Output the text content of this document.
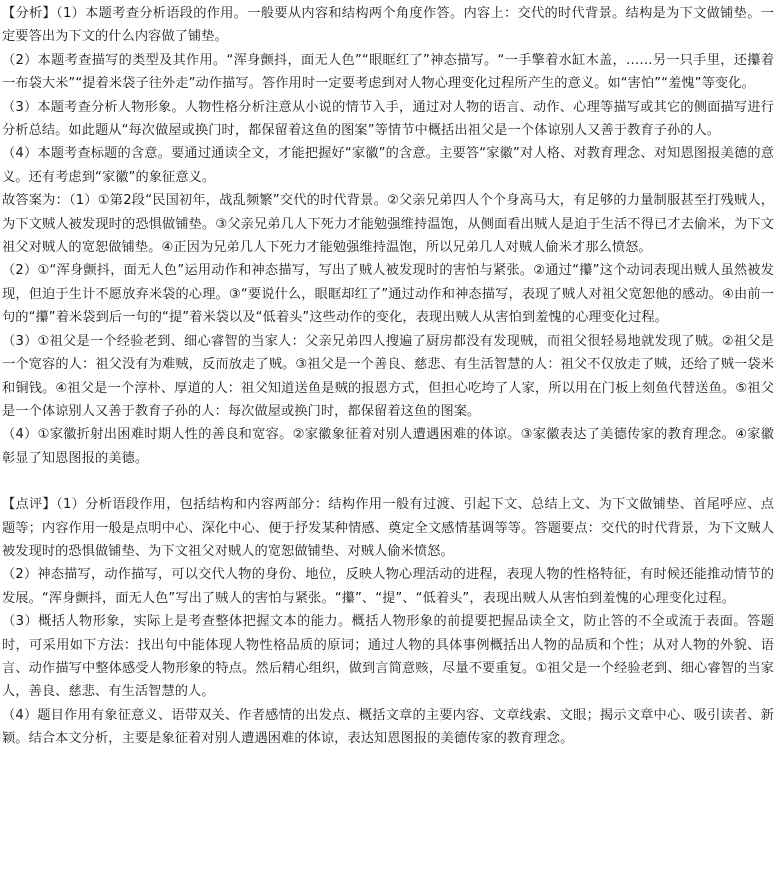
【分析】（1）本题考查分析语段的作用。一般要从内容和结构两个角度作答。内容上：交代的时代背景。结构是为下文做铺垫。一定要答出为下文的什么内容做了铺垫。

（2）本题考查描写的类型及其作用。“浑身颤抖，面无人色”“眼眶红了”神态描写。“一手擎着水缸木盖，……另一只手里，还攥着一布袋大米”“提着米袋子往外走”动作描写。答作用时一定要考虑到对人物心理变化过程所产生的意义。如“害怕”“羞愧”等变化。

（3）本题考查分析人物形象。人物性格分析注意从小说的情节入手，通过对人物的语言、动作、心理等描写或其它的侧面描写进行分析总结。如此题从“每次做屋或换门时，都保留着这鱼的图案”等情节中概括出祖父是一个体谅别人又善于教育子孙的人。

（4）本题考查标题的含意。要通过通读全文，才能把握好“家徽”的含意。主要答“家徽”对人格、对教育理念、对知恩图报美德的意义。还有考虑到“家徽”的象征意义。

故答案为：（1）①第2段“民国初年，战乱频繁”交代的时代背景。②父亲兄弟四人个个身高马大，有足够的力量制服甚至打残贼人，为下文贼人被发现时的恐惧做铺垫。③父亲兄弟几人下死力才能勉强维持温饱，从侧面看出贼人是迫于生活不得已才去偷米，为下文祖父对贼人的宽恕做铺垫。④正因为兄弟几人下死力才能勉强维持温饱，所以兄弟几人对贼人偷米才那么愤怒。

（2）①“浑身颤抖，面无人色”运用动作和神态描写，写出了贼人被发现时的害怕与紧张。②通过“攥”这个动词表现出贼人虽然被发现，但迫于生计不愿放弃米袋的心理。③“要说什么，眼眶却红了”通过动作和神态描写，表现了贼人对祖父宽恕他的感动。④由前一句的“攥”着米袋到后一句的“提”着米袋以及“低着头”这些动作的变化，表现出贼人从害怕到羞愧的心理变化过程。

（3）①祖父是一个经验老到、细心睿智的当家人：父亲兄弟四人搜遍了厨房都没有发现贼，而祖父很轻易地就发现了贼。②祖父是一个宽容的人：祖父没有为难贼，反而放走了贼。③祖父是一个善良、慈悲、有生活智慧的人：祖父不仅放走了贼，还给了贼一袋米和铜钱。④祖父是一个淳朴、厚道的人：祖父知道送鱼是贼的报恩方式，但担心吃垮了人家，所以用在门板上刻鱼代替送鱼。⑤祖父是一个体谅别人又善于教育子孙的人：每次做屋或换门时，都保留着这鱼的图案。

（4）①家徽折射出困难时期人性的善良和宽容。②家徽象征着对别人遭遇困难的体谅。③家徽表达了美德传家的教育理念。④家徽彰显了知恩图报的美德。

【点评】（1）分析语段作用，包括结构和内容两部分：结构作用一般有过渡、引起下文、总结上文、为下文做铺垫、首尾呼应、点题等；内容作用一般是点明中心、深化中心、便于抒发某种情感、奠定全文感情基调等等。答题要点：交代的时代背景，为下文贼人被发现时的恐惧做铺垫、为下文祖父对贼人的宽恕做铺垫、对贼人偷米愤怒。

（2）神态描写，动作描写，可以交代人物的身份、地位，反映人物心理活动的进程，表现人物的性格特征，有时候还能推动情节的发展。“浑身颤抖，面无人色”写出了贼人的害怕与紧张。“攥”、“提”、“低着头”，表现出贼人从害怕到羞愧的心理变化过程。

（3）概括人物形象，实际上是考查整体把握文本的能力。概括人物形象的前提要把握品读全文，防止答的不全或流于表面。答题时，可采用如下方法：找出句中能体现人物性格品质的原词；通过人物的具体事例概括出人物的品质和个性；从对人物的外貌、语言、动作描写中整体感受人物形象的特点。然后精心组织，做到言简意赅，尽量不要重复。①祖父是一个经验老到、细心睿智的当家人，善良、慈悲、有生活智慧的人。

（4）题目作用有象征意义、语带双关、作者感情的出发点、概括文章的主要内容、文章线索、文眼；揭示文章中心、吸引读者、新颖。结合本文分析，主要是象征着对别人遭遇困难的体谅，表达知恩图报的美德传家的教育理念。
